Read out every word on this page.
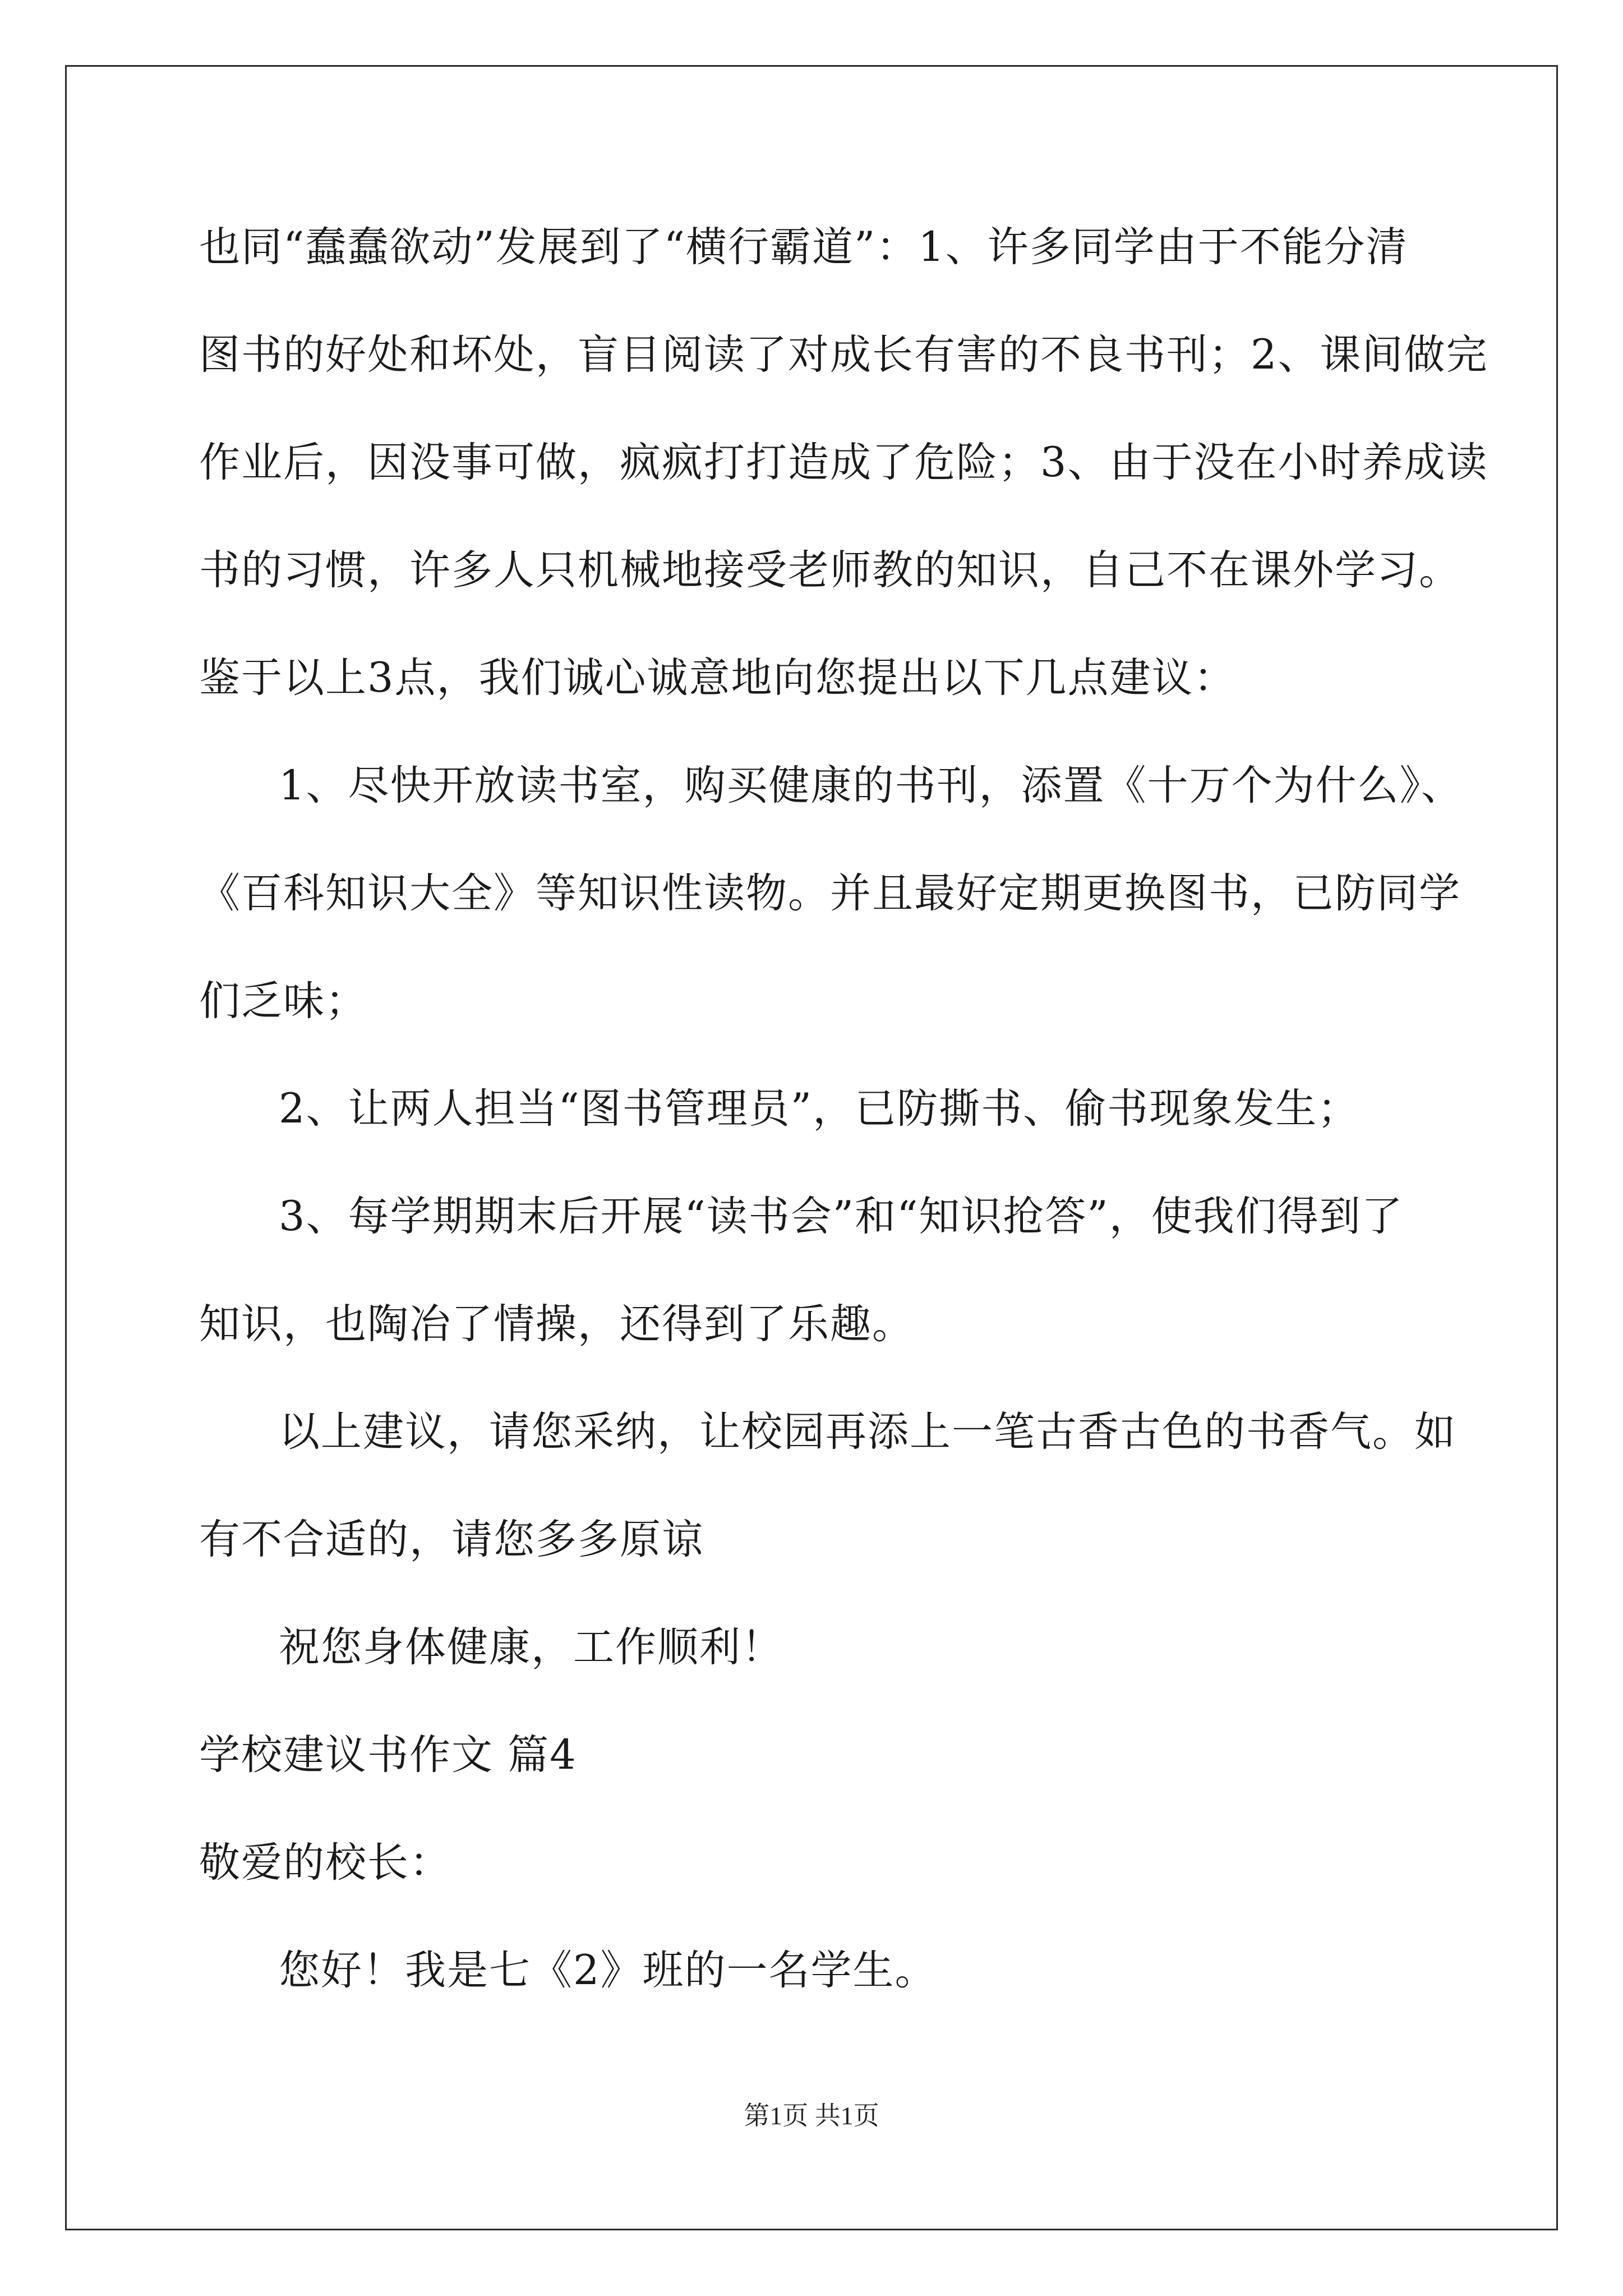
也同“蠢蠢欲动”发展到了“横行霸道”：1、许多同学由于不能分清
图书的好处和坏处，盲目阅读了对成长有害的不良书刊；2、课间做完
作业后，因没事可做，疯疯打打造成了危险；3、由于没在小时养成读
书的习惯，许多人只机械地接受老师教的知识，自己不在课外学习。
鉴于以上3点，我们诚心诚意地向您提出以下几点建议：
1、尽快开放读书室，购买健康的书刊，添置《十万个为什么》、
《百科知识大全》等知识性读物。并且最好定期更换图书，已防同学
们乏味；
2、让两人担当“图书管理员”，已防撕书、偷书现象发生；
3、每学期期末后开展“读书会”和“知识抢答”，使我们得到了
知识，也陶冶了情操，还得到了乐趣。
以上建议，请您采纳，让校园再添上一笔古香古色的书香气。如
有不合适的，请您多多原谅
祝您身体健康，工作顺利！
学校建议书作文 篇4
敬爱的校长：
您好！我是七《2》班的一名学生。
第1页 共1页
